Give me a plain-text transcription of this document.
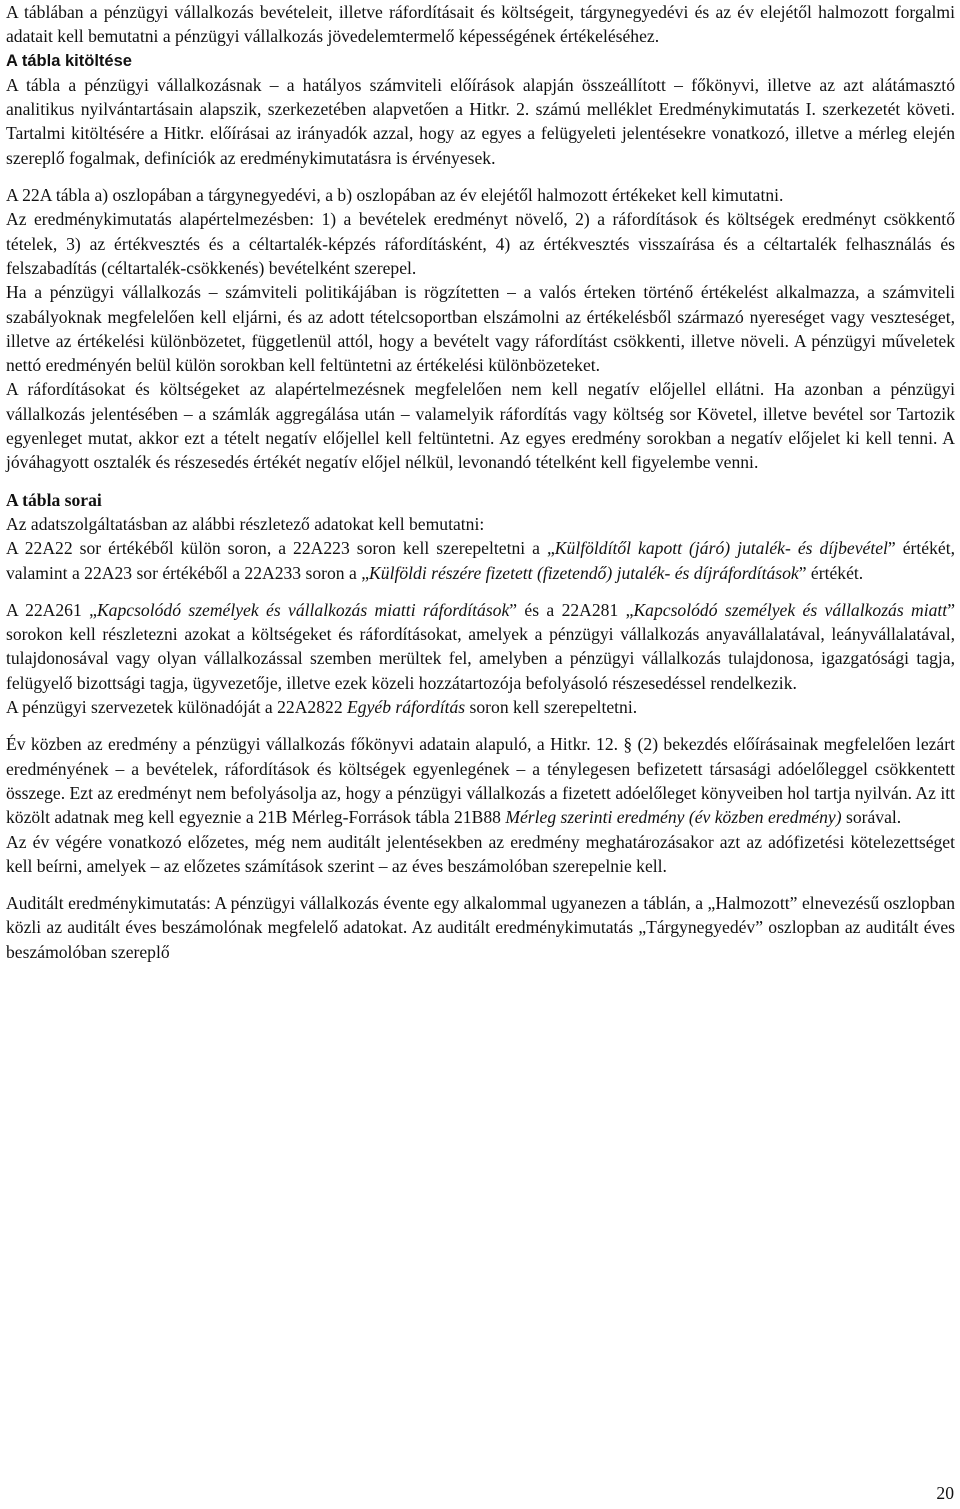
A táblában a pénzügyi vállalkozás bevételeit, illetve ráfordításait és költségeit, tárgynegyedévi és az év elejétől halmozott forgalmi adatait kell bemutatni a pénzügyi vállalkozás jövedelemtermelő képességének értékeléséhez.

A tábla kitöltése

A tábla a pénzügyi vállalkozásnak – a hatályos számviteli előírások alapján összeállított – főkönyvi, illetve az azt alátámasztó analitikus nyilvántartásain alapszik, szerkezetében alapvetően a Hitkr. 2. számú melléklet Eredménykimutatás I. szerkezetét követi. Tartalmi kitöltésére a Hitkr. előírásai az irányadók azzal, hogy az egyes a felügyeleti jelentésekre vonatkozó, illetve a mérleg elején szereplő fogalmak, definíciók az eredménykimutatásra is érvényesek.

A 22A tábla a) oszlopában a tárgynegyedévi, a b) oszlopában az év elejétől halmozott értékeket kell kimutatni.

Az eredménykimutatás alapértelmezésben: 1) a bevételek eredményt növelő, 2) a ráfordítások és költségek eredményt csökkentő tételek, 3) az értékvesztés és a céltartalék-képzés ráfordításként, 4) az értékvesztés visszaírása és a céltartalék felhasználás és felszabadítás (céltartalék-csökkenés) bevételként szerepel.

Ha a pénzügyi vállalkozás – számviteli politikájában is rögzítetten – a valós érteken történő értékelést alkalmazza, a számviteli szabályoknak megfelelően kell eljárni, és az adott tételcsoportban elszámolni az értékelésből származó nyereséget vagy veszteséget, illetve az értékelési különbözetet, függetlenül attól, hogy a bevételt vagy ráfordítást csökkenti, illetve növeli. A pénzügyi műveletek nettó eredményén belül külön sorokban kell feltüntetni az értékelési különbözeteket.

A ráfordításokat és költségeket az alapértelmezésnek megfelelően nem kell negatív előjellel ellátni. Ha azonban a pénzügyi vállalkozás jelentésében – a számlák aggregálása után – valamelyik ráfordítás vagy költség sor Követel, illetve bevétel sor Tartozik egyenleget mutat, akkor ezt a tételt negatív előjellel kell feltüntetni. Az egyes eredmény sorokban a negatív előjelet ki kell tenni. A jóváhagyott osztalék és részesedés értékét negatív előjel nélkül, levonandó tételként kell figyelembe venni.

A tábla sorai

Az adatszolgáltatásban az alábbi részletező adatokat kell bemutatni:

A 22A22 sor értékéből külön soron, a 22A223 soron kell szerepeltetni a „Külföldítől kapott (járó) jutalék- és díjbevétel” értékét, valamint a 22A23 sor értékéből a 22A233 soron a „Külföldi részére fizetett (fizetendő) jutalék- és díjráfordítások” értékét.

A 22A261 „Kapcsolódó személyek és vállalkozás miatti ráfordítások” és a 22A281 „Kapcsolódó személyek és vállalkozás miatt” sorokon kell részletezni azokat a költségeket és ráfordításokat, amelyek a pénzügyi vállalkozás anyavállalatával, leányvállalatával, tulajdonosával vagy olyan vállalkozással szemben merültek fel, amelyben a pénzügyi vállalkozás tulajdonosa, igazgatósági tagja, felügyelő bizottsági tagja, ügyvezetője, illetve ezek közeli hozzátartozója befolyásoló részesedéssel rendelkezik.

A pénzügyi szervezetek különadóját a 22A2822 Egyéb ráfordítás soron kell szerepeltetni.

Év közben az eredmény a pénzügyi vállalkozás főkönyvi adatain alapuló, a Hitkr. 12. § (2) bekezdés előírásainak megfelelően lezárt eredményének – a bevételek, ráfordítások és költségek egyenlegének – a ténylegesen befizetett társasági adóelőleggel csökkentett összege. Ezt az eredményt nem befolyásolja az, hogy a pénzügyi vállalkozás a fizetett adóelőleget könyveiben hol tartja nyilván. Az itt közölt adatnak meg kell egyeznie a 21B Mérleg-Források tábla 21B88 Mérleg szerinti eredmény (év közben eredmény) sorával.

Az év végére vonatkozó előzetes, még nem auditált jelentésekben az eredmény meghatározásakor azt az adófizetési kötelezettséget kell beírni, amelyek – az előzetes számítások szerint – az éves beszámolóban szerepelnie kell.

Auditált eredménykimutatás: A pénzügyi vállalkozás évente egy alkalommal ugyanezen a táblán, a „Halmozott” elnevezésű oszlopban közli az auditált éves beszámolónak megfelelő adatokat. Az auditált eredménykimutatás „Tárgynegyedév” oszlopban az auditált éves beszámolóban szereplő

20
